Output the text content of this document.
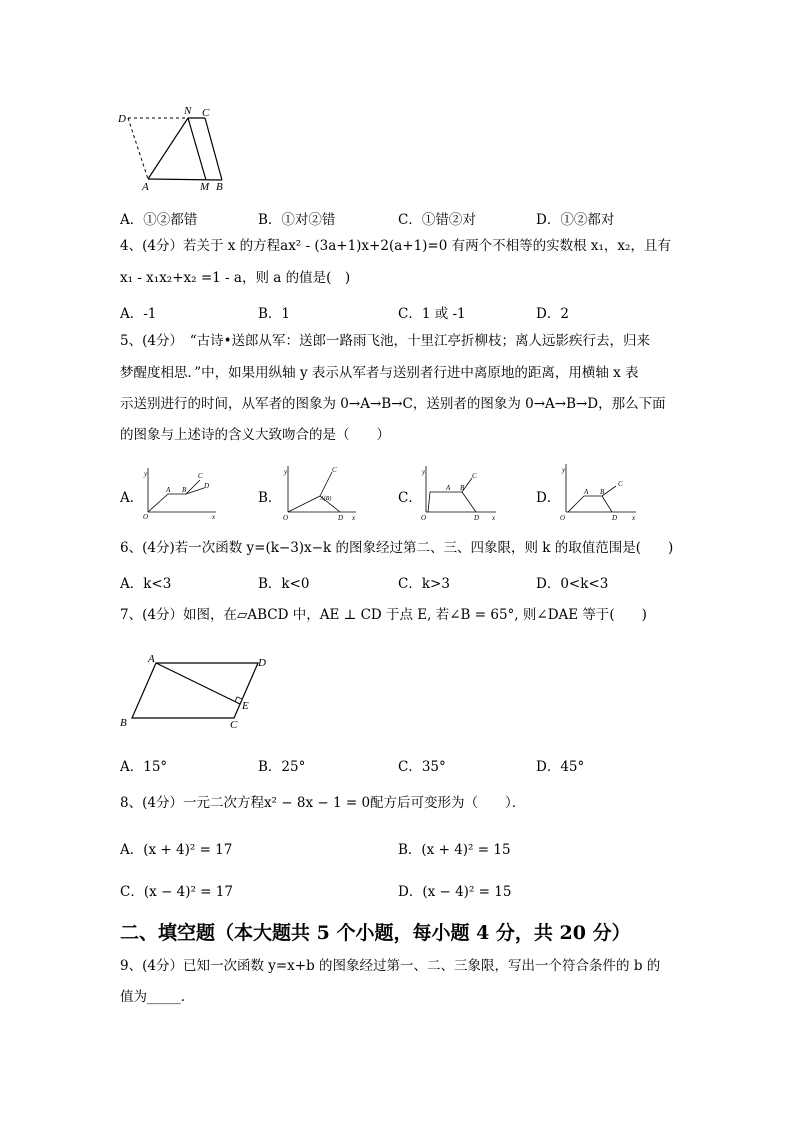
D
N C
A	M B
A．①②都错	B．①对②错	C．①错②对	D．①②都对
4、(4分）若关于 x 的方程ax² - (3a+1)x+2(a+1)=0 有两个不相等的实数根 x₁，x₂，且有
x₁ - x₁x₂+x₂ =1 - a，则 a 的值是(　)
A．-1	B．1	C．1 或 -1	D．2
5、(4分）　“古诗•送郎从军：送郎一路雨飞池，十里江亭折柳枝；离人远影疾行去，归来
梦醒度相思．”中，如果用纵轴 y 表示从军者与送别者行进中离原地的距离，用横轴 x 表
示送别进行的时间，从军者的图象为 0→A→B→C，送别者的图象为 0→A→B→D，那么下面
的图象与上述诗的含义大致吻合的是（　　）
A．
y
O	x
A B
C
D
B．
y
O	x
A(B)
C
D
C．
y
O	x
A B
C
D
D．
y
O	x
A B
C
D
6、(4分)若一次函数 y=(k−3)x−k 的图象经过第二、三、四象限，则 k 的取值范围是(　　)
A．k<3	B．k<0	C．k>3	D．0<k<3
7、(4分）如图，在▱ABCD 中，AE ⊥ CD 于点 E, 若∠B = 65°, 则∠DAE 等于(　　)
A	D
E
B	C
A．15°	B．25°	C．35°	D．45°
8、(4分）一元二次方程x² − 8x − 1 = 0配方后可变形为（　　）．
A．(x + 4)² = 17	B．(x + 4)² = 15
C．(x − 4)² = 17	D．(x − 4)² = 15
二、填空题（本大题共 5 个小题，每小题 4 分，共 20 分）
9、(4分）已知一次函数 y=x+b 的图象经过第一、二、三象限，写出一个符合条件的 b 的
值为_____.
